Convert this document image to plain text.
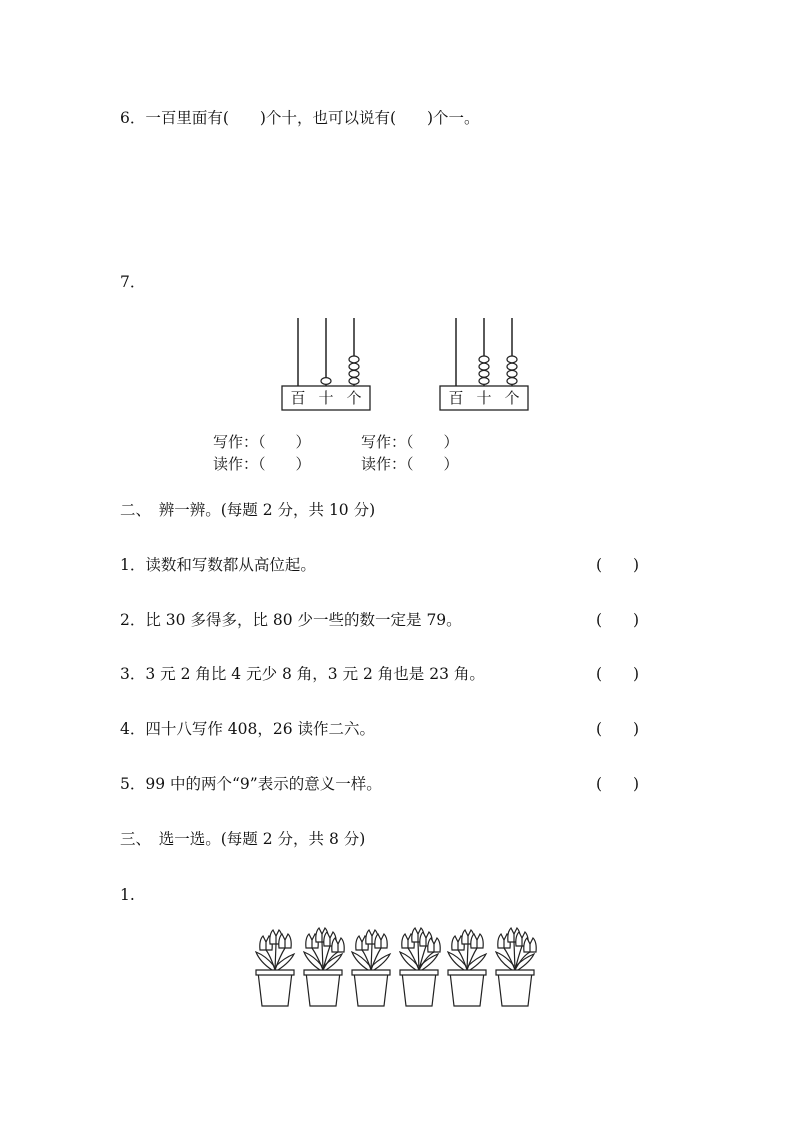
6．一百里面有(　　)个十，也可以说有(　　)个一。
7．
百 十 个	百 十 个
写作：（　　）	写作：（　　）
读作：（　　）	读作：（　　）
二、　辨一辨。(每题 2 分，共 10 分)
1．读数和写数都从高位起。	(　　)
2．比 30 多得多，比 80 少一些的数一定是 79。	(　　)
3．3 元 2 角比 4 元少 8 角，3 元 2 角也是 23 角。	(　　)
4．四十八写作 408，26 读作二六。	(　　)
5．99 中的两个“9”表示的意义一样。	(　　)
三、　选一选。(每题 2 分，共 8 分)
1.
